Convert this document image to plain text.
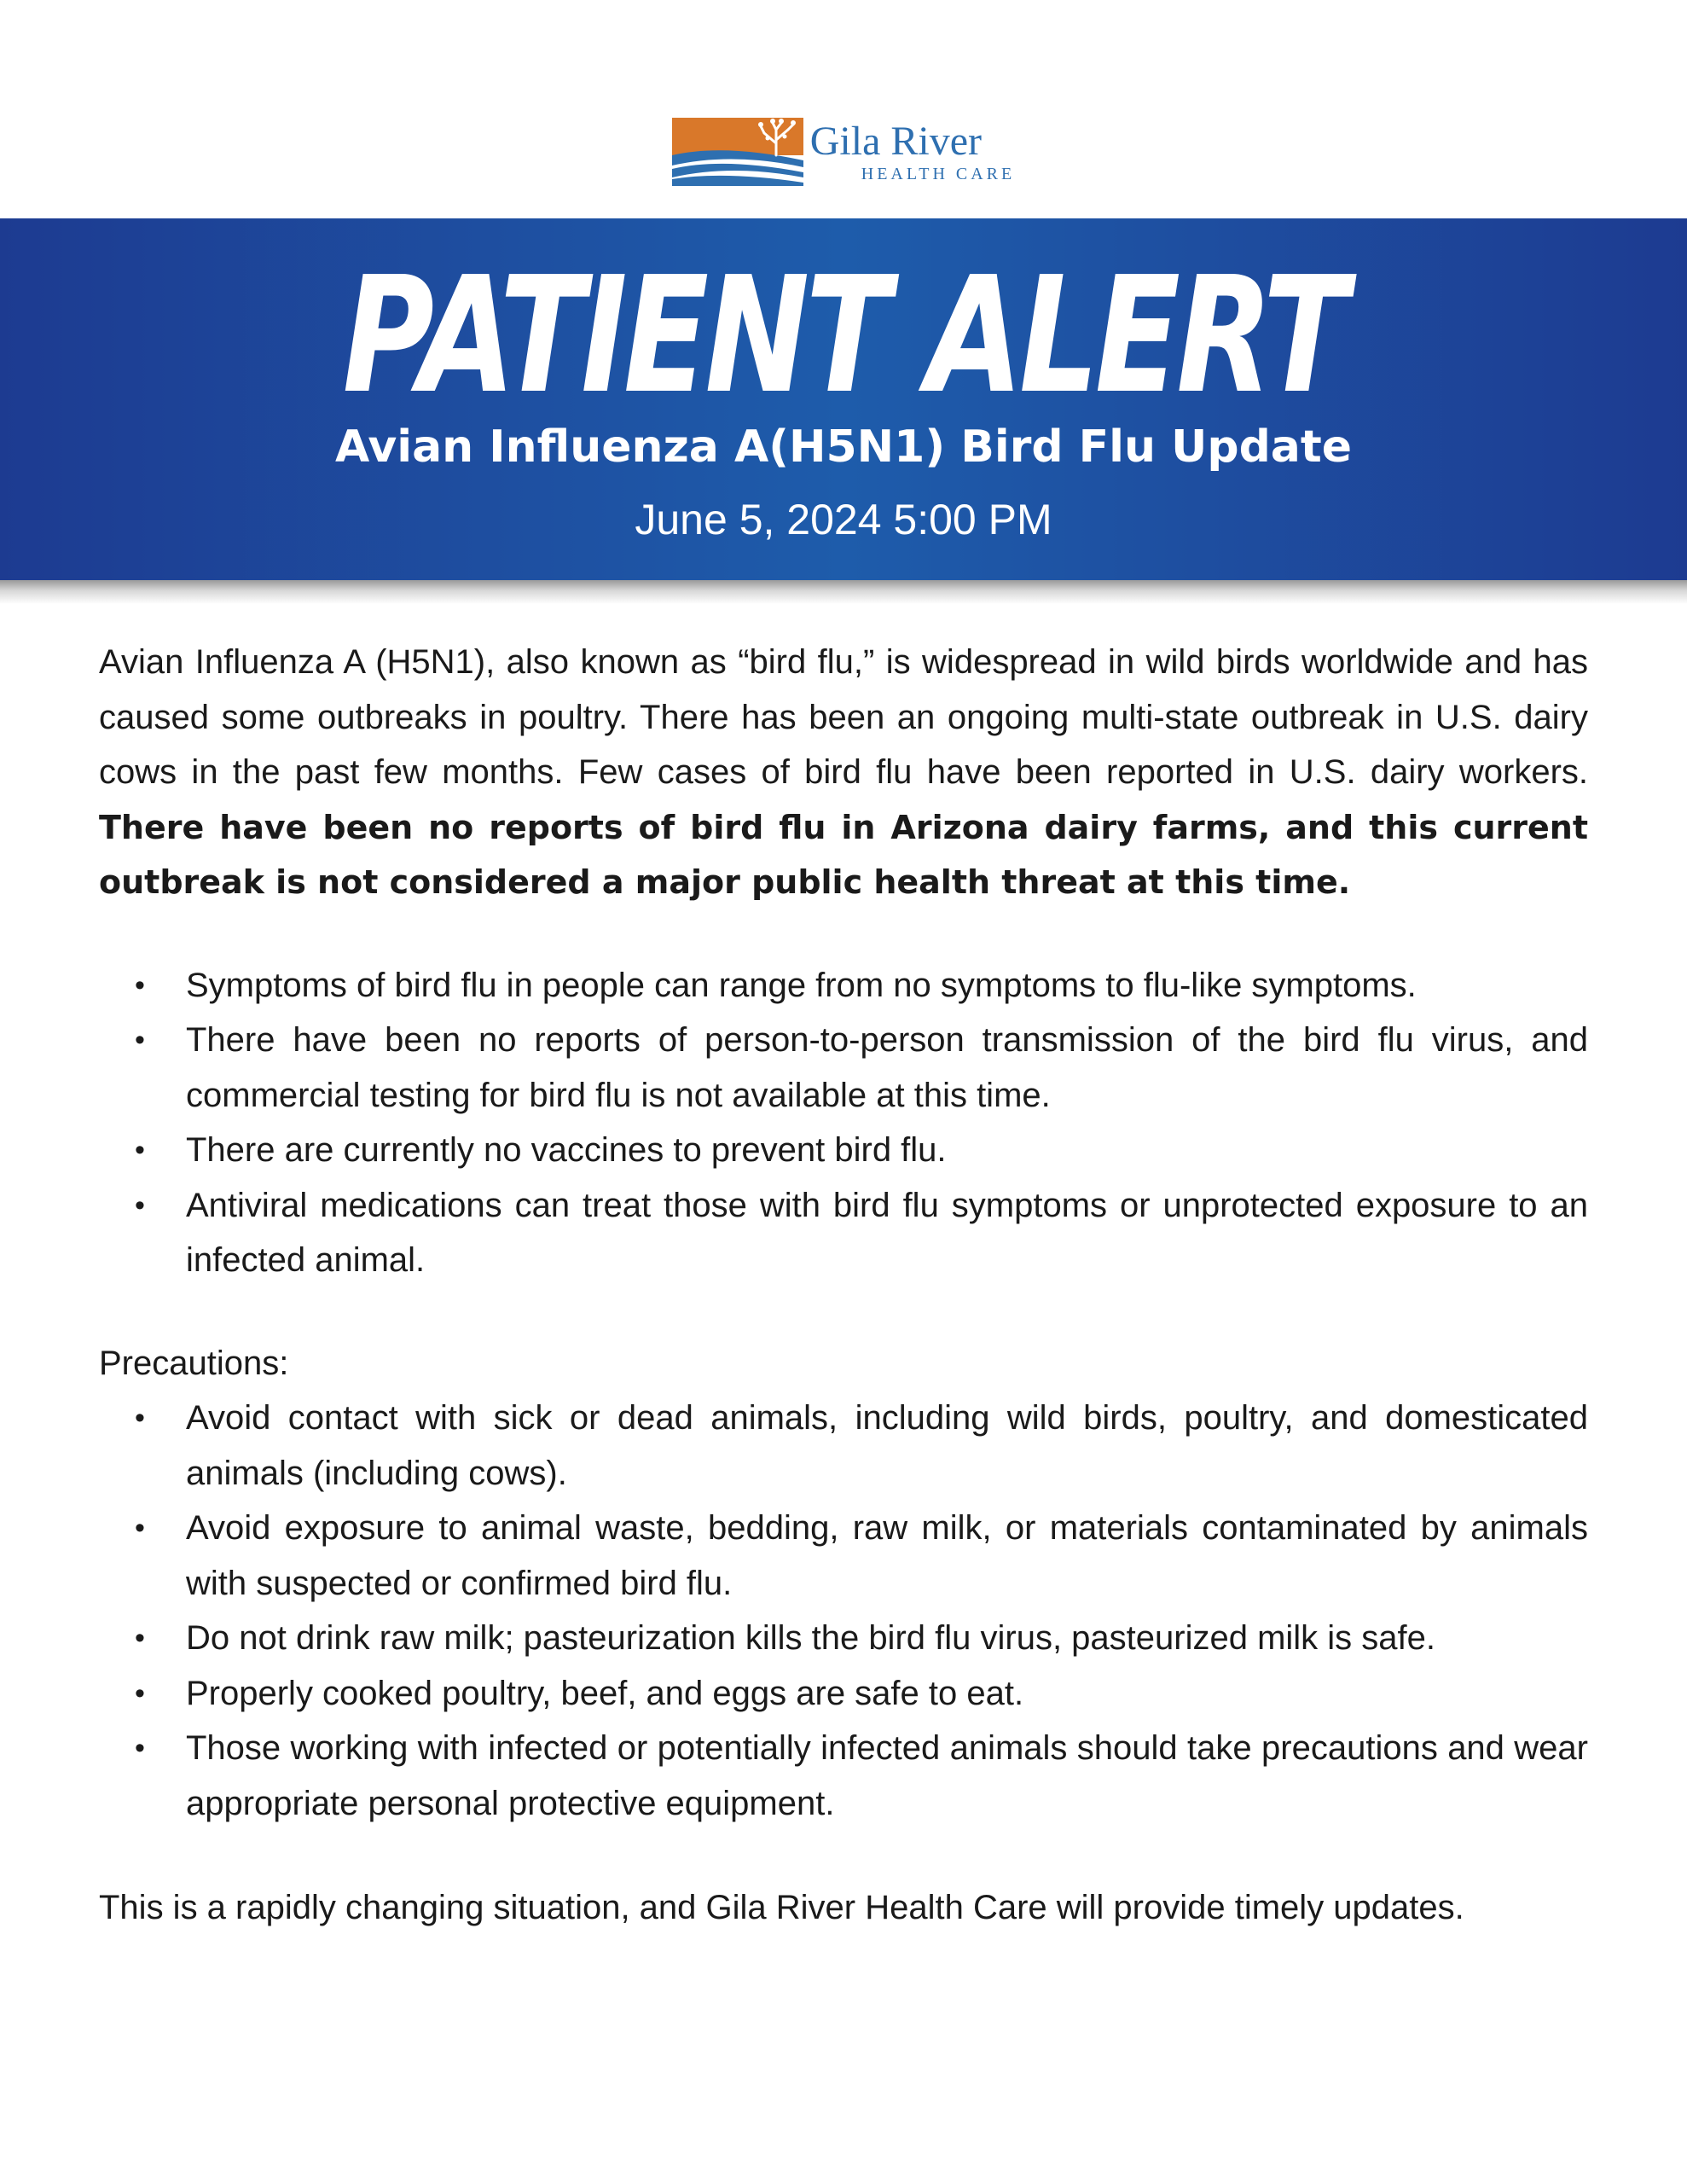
Gila River
HEALTH CARE
PATIENT ALERT
Avian Influenza A(H5N1) Bird Flu Update
June 5, 2024 5:00 PM

Avian Influenza A (H5N1), also known as “bird flu,” is widespread in wild birds worldwide and has caused some outbreaks in poultry. There has been an ongoing multi-state outbreak in U.S. dairy cows in the past few months. Few cases of bird flu have been reported in U.S. dairy workers. There have been no reports of bird flu in Arizona dairy farms, and this current outbreak is not considered a major public health threat at this time.

• Symptoms of bird flu in people can range from no symptoms to flu-like symptoms.
• There have been no reports of person-to-person transmission of the bird flu virus, and commercial testing for bird flu is not available at this time.
• There are currently no vaccines to prevent bird flu.
• Antiviral medications can treat those with bird flu symptoms or unprotected exposure to an infected animal.

Precautions:

• Avoid contact with sick or dead animals, including wild birds, poultry, and domesticated animals (including cows).
• Avoid exposure to animal waste, bedding, raw milk, or materials contaminated by animals with suspected or confirmed bird flu.
• Do not drink raw milk; pasteurization kills the bird flu virus, pasteurized milk is safe.
• Properly cooked poultry, beef, and eggs are safe to eat.
• Those working with infected or potentially infected animals should take precautions and wear appropriate personal protective equipment.

This is a rapidly changing situation, and Gila River Health Care will provide timely updates.
